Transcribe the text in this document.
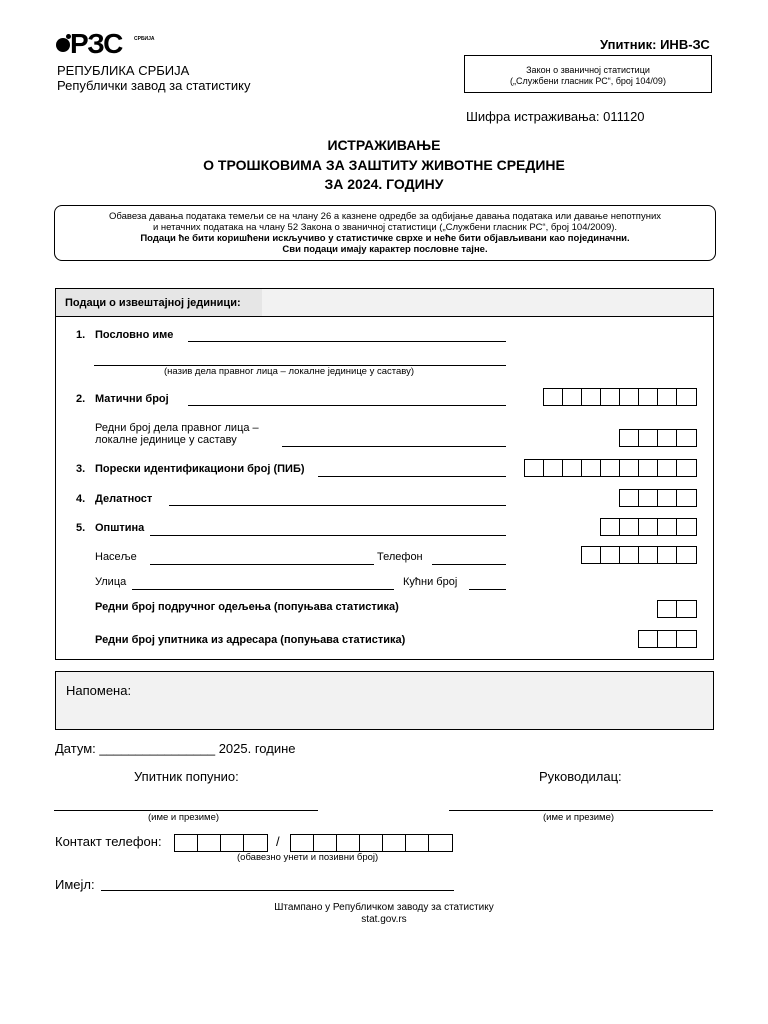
РЗС СРБИЈА
РЕПУБЛИКА СРБИЈА
Републички завод за статистику
Упитник: ИНВ-ЗС
Закон о званичној статистици
(„Службени гласник РС“, број 104/09)
Шифра истраживања: 011120
ИСТРАЖИВАЊЕ
О ТРОШКОВИМА ЗА ЗАШТИТУ ЖИВОТНЕ СРЕДИНЕ
ЗА 2024. ГОДИНУ
Обавеза давања података темељи се на члану 26 а казнене одредбе за одбијање давања података или давање непотпуних
и нетачних података на члану 52 Закона о званичној статистици („Службени гласник РС“, број 104/2009).
Подаци ће бити коришћени искључиво у статистичке сврхе и неће бити објављивани као појединачни.
Сви подаци имају карактер пословне тајне.
Подаци о извештајној јединици:
1. Пословно име
(назив дела правног лица – локалне јединице у саставу)
2. Матични број
Редни број дела правног лица –
локалне јединице у саставу
3. Порески идентификациони број (ПИБ)
4. Делатност
5. Општина
Насеље	Телефон
Улица	Кућни број
Редни број подручног одељења (попуњава статистика)
Редни број упитника из адресара (попуњава статистика)
Напомена:
Датум: ________________ 2025. године
Упитник попунио:	Руководилац:
(име и презиме)	(име и презиме)
Контакт телефон:	/
(обавезно унети и позивни број)
Имејл:
Штампано у Републичком заводу за статистику
stat.gov.rs
